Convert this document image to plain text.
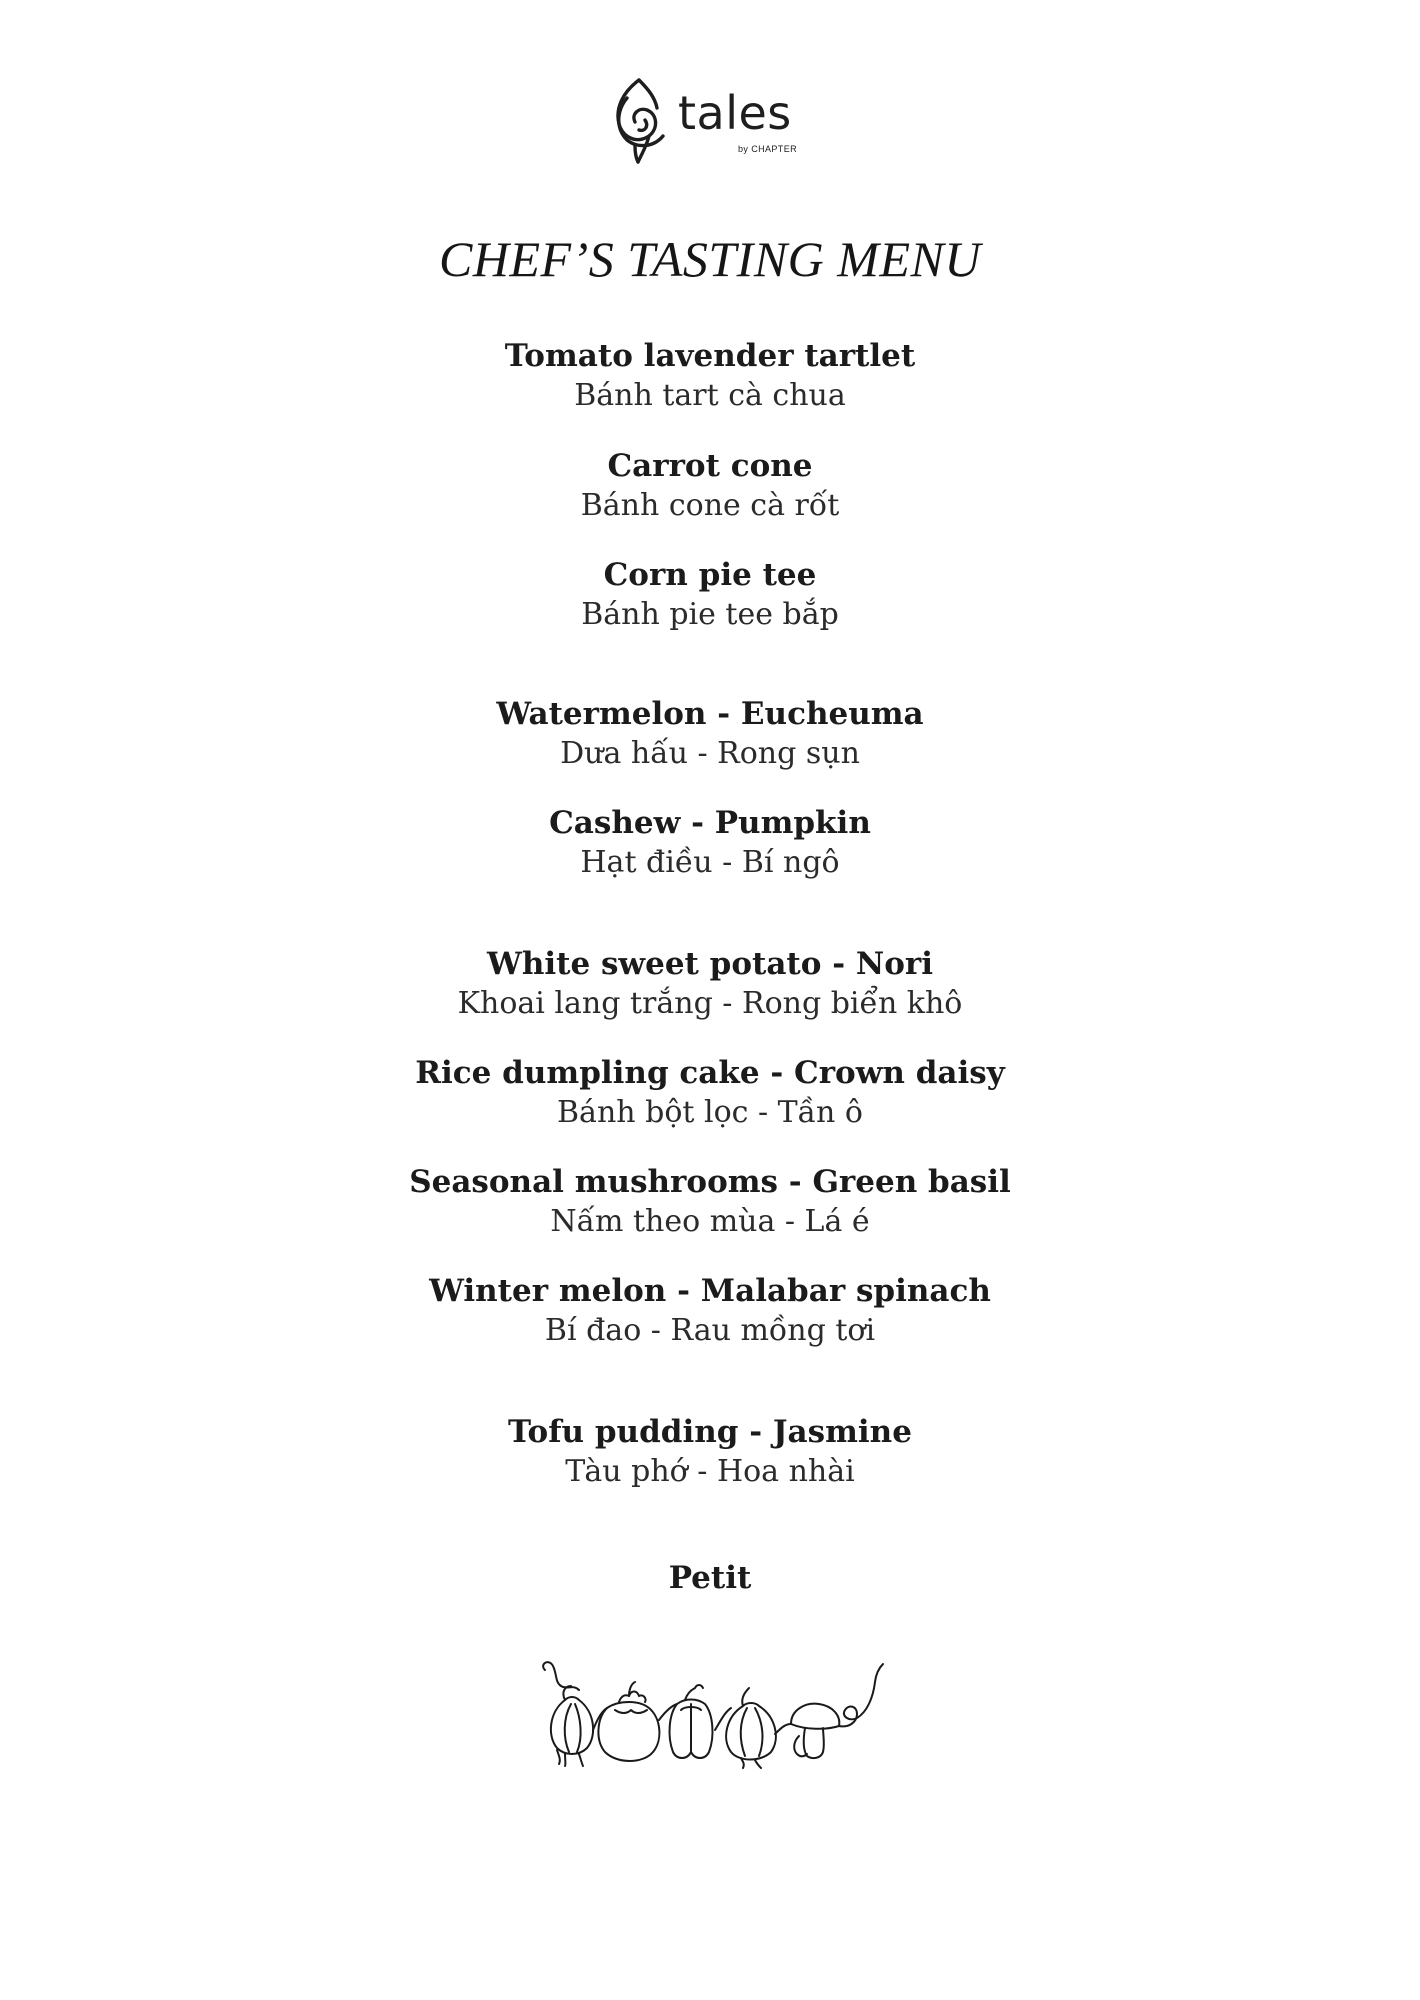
tales
by CHAPTER
CHEF’S TASTING MENU
Tomato lavender tartlet
Bánh tart cà chua
Carrot cone
Bánh cone cà rốt
Corn pie tee
Bánh pie tee bắp
Watermelon - Eucheuma
Dưa hấu - Rong sụn
Cashew - Pumpkin
Hạt điều - Bí ngô
White sweet potato - Nori
Khoai lang trắng - Rong biển khô
Rice dumpling cake - Crown daisy
Bánh bột lọc - Tần ô
Seasonal mushrooms - Green basil
Nấm theo mùa - Lá é
Winter melon - Malabar spinach
Bí đao - Rau mồng tơi
Tofu pudding - Jasmine
Tàu phớ - Hoa nhài
Petit
